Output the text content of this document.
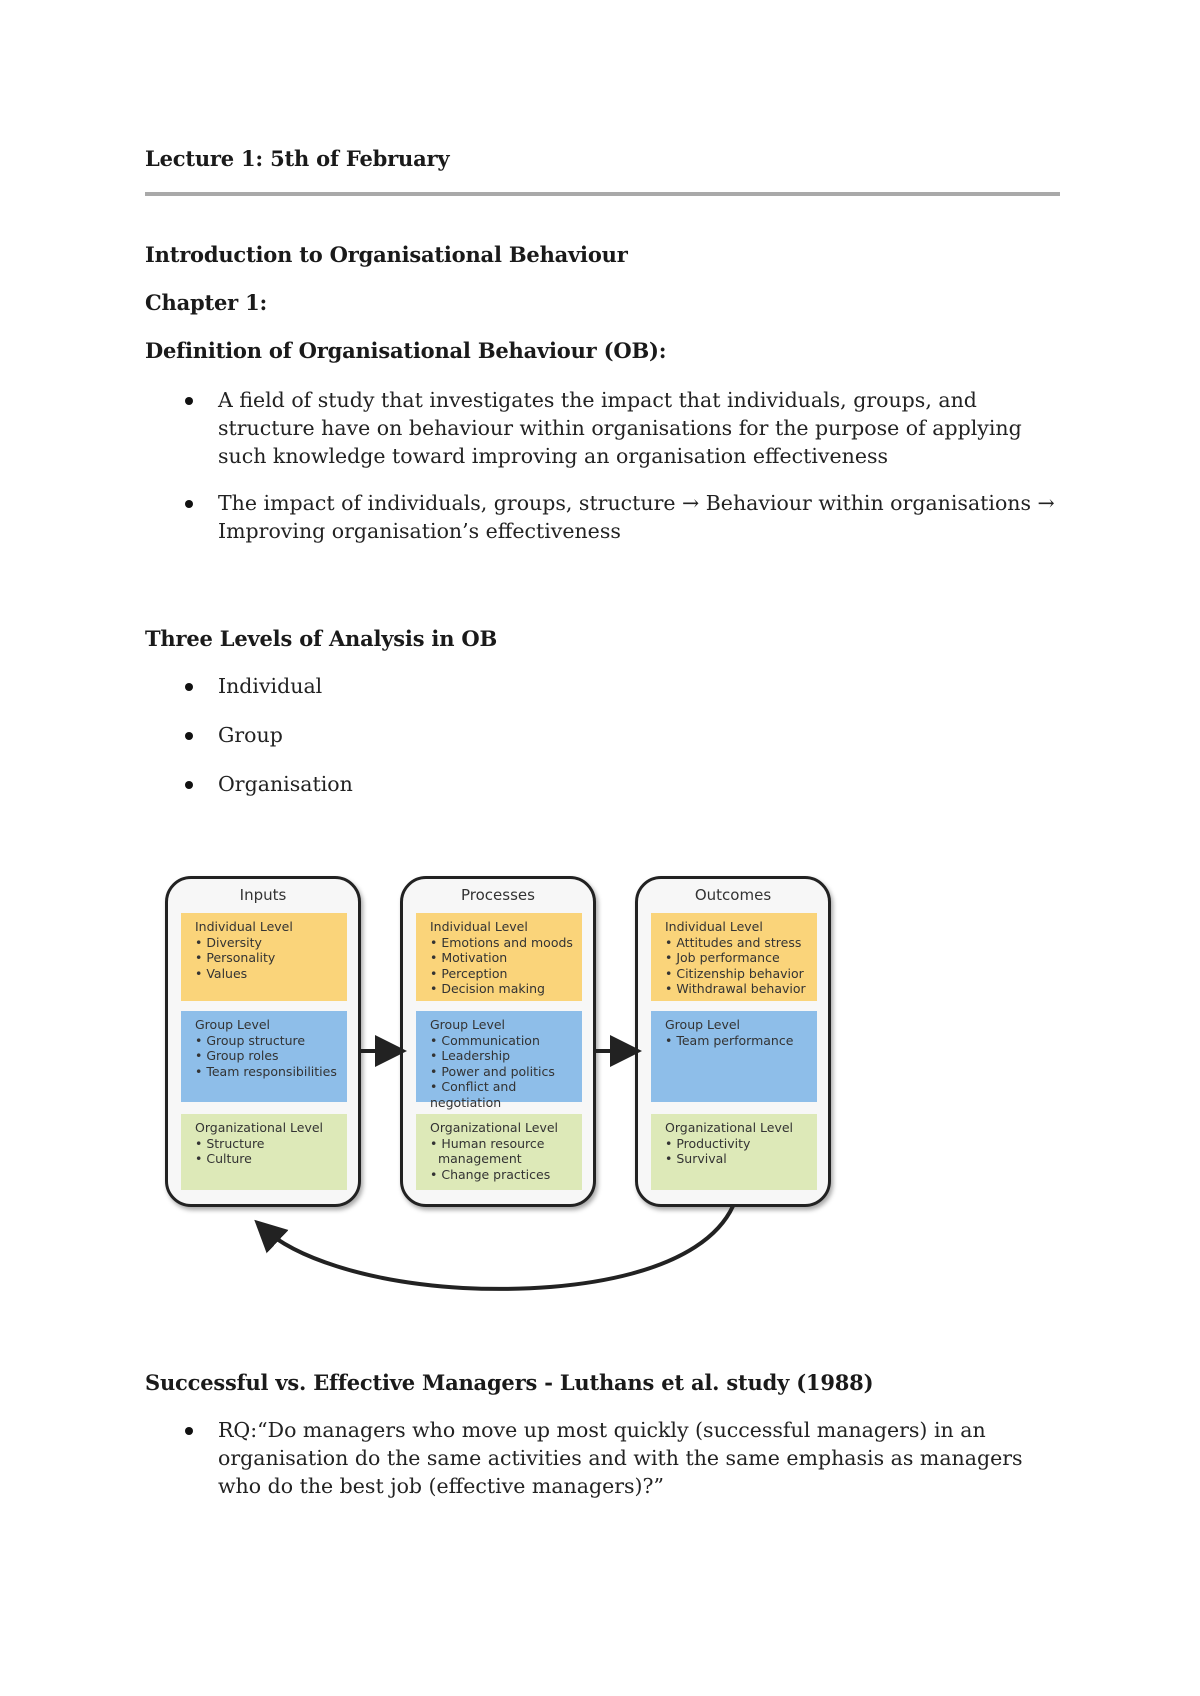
Lecture 1: 5th of February
Introduction to Organisational Behaviour
Chapter 1:
Definition of Organisational Behaviour (OB):
A field of study that investigates the impact that individuals, groups, and structure have on behaviour within organisations for the purpose of applying such knowledge toward improving an organisation effectiveness
The impact of individuals, groups, structure → Behaviour within organisations → Improving organisation’s effectiveness
Three Levels of Analysis in OB
Individual
Group
Organisation
Inputs
Individual Level
• Diversity
• Personality
• Values
Group Level
• Group structure
• Group roles
• Team responsibilities
Organizational Level
• Structure
• Culture
Processes
Individual Level
• Emotions and moods
• Motivation
• Perception
• Decision making
Group Level
• Communication
• Leadership
• Power and politics
• Conflict and negotiation
Organizational Level
• Human resource
management
• Change practices
Outcomes
Individual Level
• Attitudes and stress
• Job performance
• Citizenship behavior
• Withdrawal behavior
Group Level
• Team performance
Organizational Level
• Productivity
• Survival
Successful vs. Effective Managers - Luthans et al. study (1988)
RQ:“Do managers who move up most quickly (successful managers) in an organisation do the same activities and with the same emphasis as managers who do the best job (effective managers)?”
